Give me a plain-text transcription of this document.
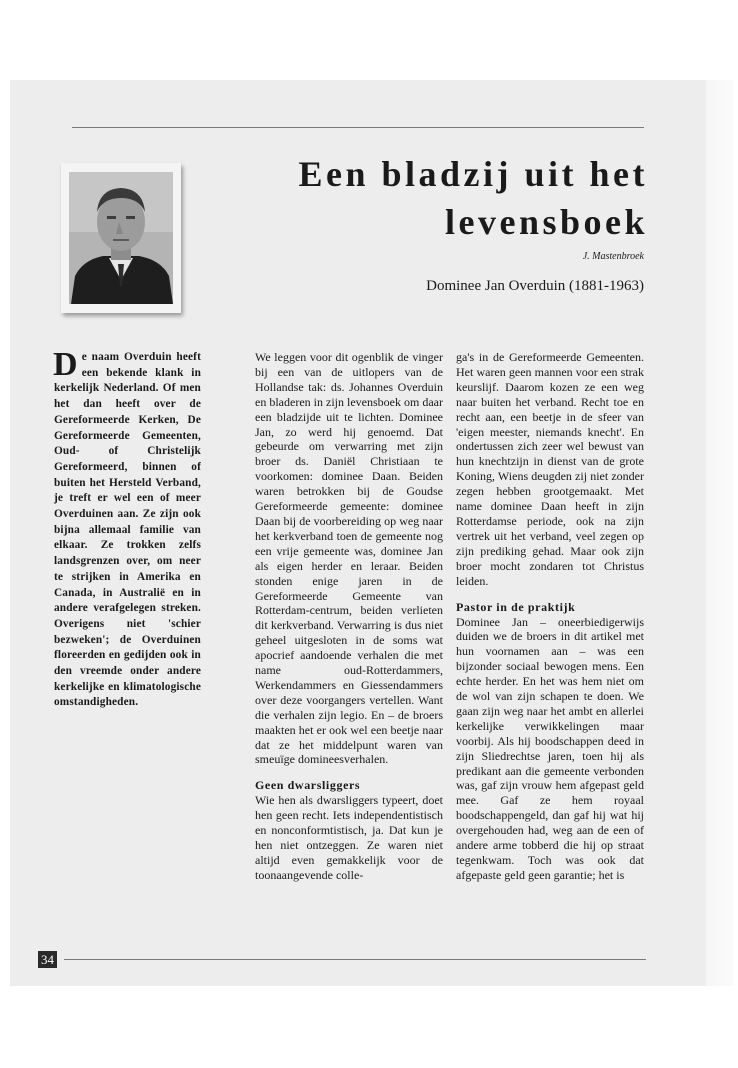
Een bladzij uit het
levensboek
J. Mastenbroek
Dominee Jan Overduin (1881-1963)

De naam Overduin heeft een bekende klank in kerkelijk Nederland. Of men het dan heeft over de Gereformeerde Kerken, De Gereformeerde Gemeenten, Oud- of Christelijk Gereformeerd, binnen of buiten het Hersteld Verband, je treft er wel een of meer Overduinen aan. Ze zijn ook bijna allemaal familie van elkaar. Ze trokken zelfs landsgrenzen over, om neer te strijken in Amerika en Canada, in Australië en in andere verafgelegen streken. Overigens niet 'schier bezweken'; de Overduinen floreerden en gedijden ook in den vreemde onder andere kerkelijke en klimatologische omstandigheden.

We leggen voor dit ogenblik de vinger bij een van de uitlopers van de Hollandse tak: ds. Johannes Overduin en bladeren in zijn levensboek om daar een bladzijde uit te lichten. Dominee Jan, zo werd hij genoemd. Dat gebeurde om verwarring met zijn broer ds. Daniël Christiaan te voorkomen: dominee Daan. Beiden waren betrokken bij de Goudse Gereformeerde gemeente: dominee Daan bij de voorbereiding op weg naar het kerkverband toen de gemeente nog een vrije gemeente was, dominee Jan als eigen herder en leraar. Beiden stonden enige jaren in de Gereformeerde Gemeente van Rotterdam-centrum, beiden verlieten dit kerkverband. Verwarring is dus niet geheel uitgesloten in de soms wat apocrief aandoende verhalen die met name oud-Rotterdammers, Werkendammers en Giessendammers over deze voorgangers vertellen. Want die verhalen zijn legio. En – de broers maakten het er ook wel een beetje naar dat ze het middelpunt waren van smeuïge domineesverhalen.

Geen dwarsliggers

Wie hen als dwarsliggers typeert, doet hen geen recht. Iets independentistisch en nonconformtistisch, ja. Dat kun je hen niet ontzeggen. Ze waren niet altijd even gemakkelijk voor de toonaangevende colle-

ga's in de Gereformeerde Gemeenten. Het waren geen mannen voor een strak keurslijf. Daarom kozen ze een weg naar buiten het verband. Recht toe en recht aan, een beetje in de sfeer van 'eigen meester, niemands knecht'. En ondertussen zich zeer wel bewust van hun knechtzijn in dienst van de grote Koning, Wiens deugden zij niet zonder zegen hebben grootgemaakt. Met name dominee Daan heeft in zijn Rotterdamse periode, ook na zijn vertrek uit het verband, veel zegen op zijn prediking gehad. Maar ook zijn broer mocht zondaren tot Christus leiden.

Pastor in de praktijk

Dominee Jan – oneerbiedigerwijs duiden we de broers in dit artikel met hun voornamen aan – was een bijzonder sociaal bewogen mens. Een echte herder. En het was hem niet om de wol van zijn schapen te doen. We gaan zijn weg naar het ambt en allerlei kerkelijke verwikkelingen maar voorbij. Als hij boodschappen deed in zijn Sliedrechtse jaren, toen hij als predikant aan die gemeente verbonden was, gaf zijn vrouw hem afgepast geld mee. Gaf ze hem royaal boodschappengeld, dan gaf hij wat hij overgehouden had, weg aan de een of andere arme tobberd die hij op straat tegenkwam. Toch was ook dat afgepaste geld geen garantie; het is

34
